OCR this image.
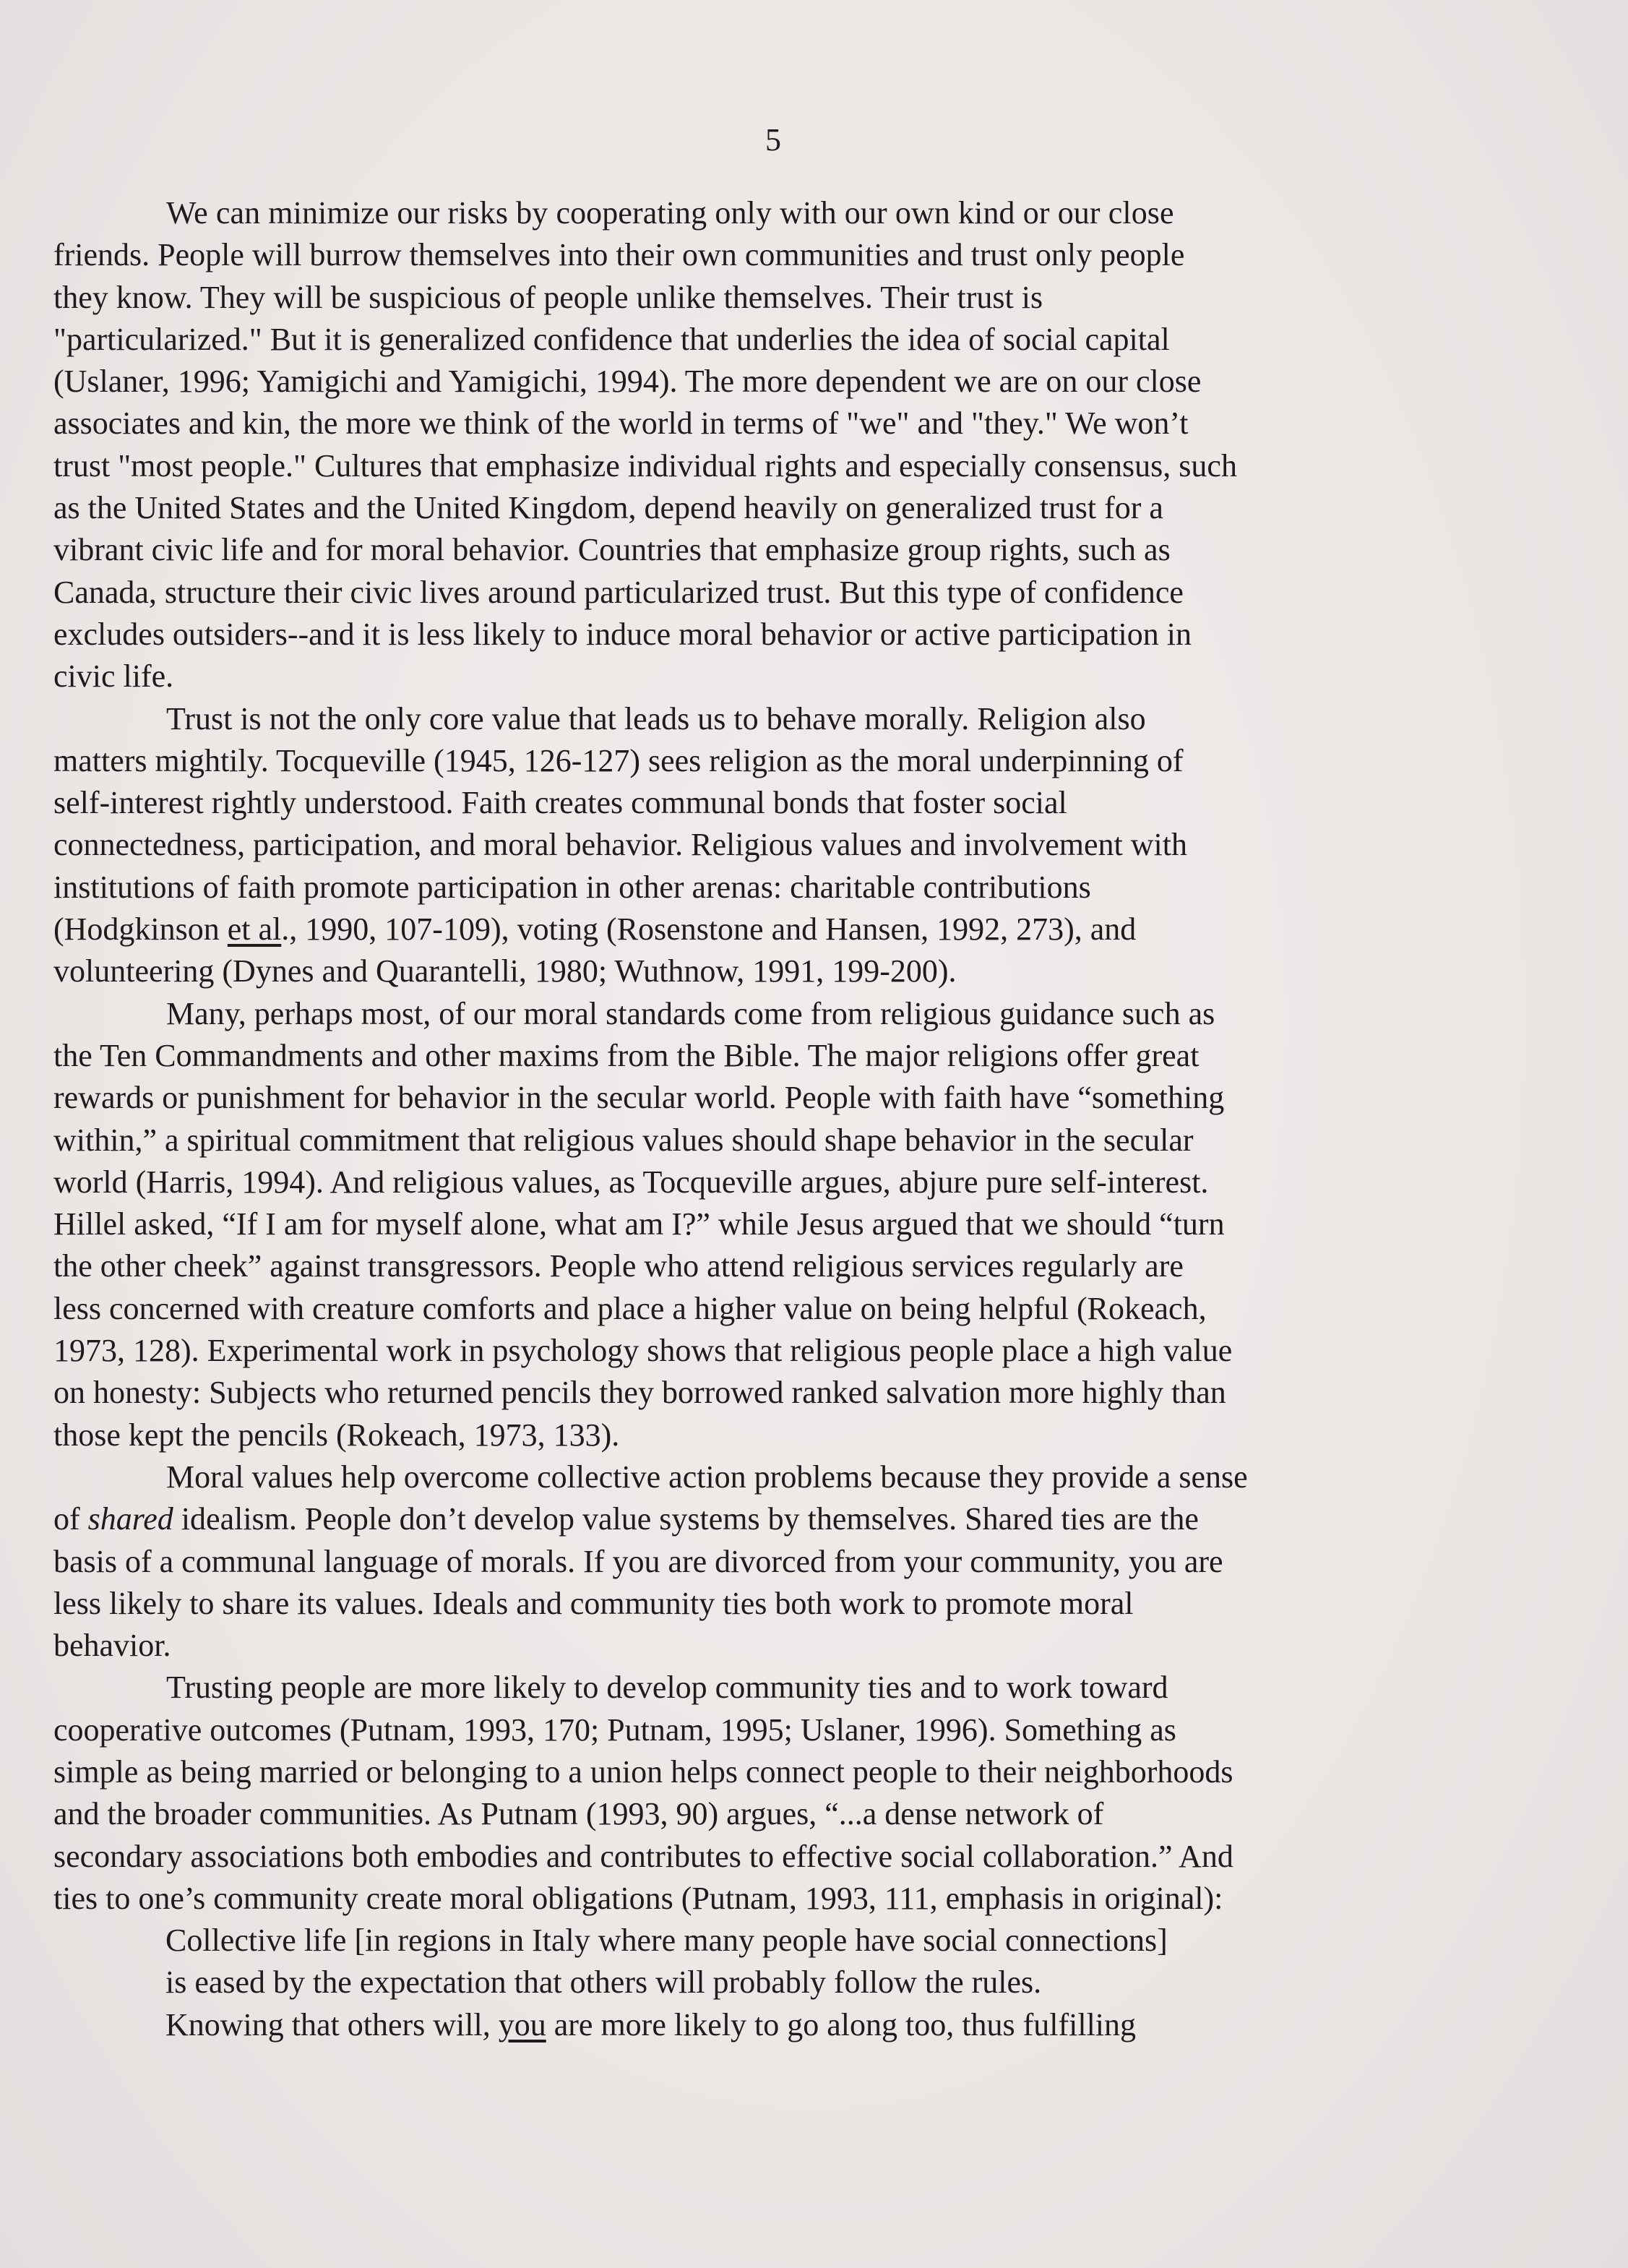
5

We can minimize our risks by cooperating only with our own kind or our close
friends. People will burrow themselves into their own communities and trust only people
they know. They will be suspicious of people unlike themselves. Their trust is
"particularized." But it is generalized confidence that underlies the idea of social capital
(Uslaner, 1996; Yamigichi and Yamigichi, 1994). The more dependent we are on our close
associates and kin, the more we think of the world in terms of "we" and "they." We won’t
trust "most people." Cultures that emphasize individual rights and especially consensus, such
as the United States and the United Kingdom, depend heavily on generalized trust for a
vibrant civic life and for moral behavior. Countries that emphasize group rights, such as
Canada, structure their civic lives around particularized trust. But this type of confidence
excludes outsiders--and it is less likely to induce moral behavior or active participation in
civic life.

Trust is not the only core value that leads us to behave morally. Religion also
matters mightily. Tocqueville (1945, 126-127) sees religion as the moral underpinning of
self-interest rightly understood. Faith creates communal bonds that foster social
connectedness, participation, and moral behavior. Religious values and involvement with
institutions of faith promote participation in other arenas: charitable contributions
(Hodgkinson et al., 1990, 107-109), voting (Rosenstone and Hansen, 1992, 273), and
volunteering (Dynes and Quarantelli, 1980; Wuthnow, 1991, 199-200).

Many, perhaps most, of our moral standards come from religious guidance such as
the Ten Commandments and other maxims from the Bible. The major religions offer great
rewards or punishment for behavior in the secular world. People with faith have “something
within,” a spiritual commitment that religious values should shape behavior in the secular
world (Harris, 1994). And religious values, as Tocqueville argues, abjure pure self-interest.
Hillel asked, “If I am for myself alone, what am I?” while Jesus argued that we should “turn
the other cheek” against transgressors. People who attend religious services regularly are
less concerned with creature comforts and place a higher value on being helpful (Rokeach,
1973, 128). Experimental work in psychology shows that religious people place a high value
on honesty: Subjects who returned pencils they borrowed ranked salvation more highly than
those kept the pencils (Rokeach, 1973, 133).

Moral values help overcome collective action problems because they provide a sense
of shared idealism. People don’t develop value systems by themselves. Shared ties are the
basis of a communal language of morals. If you are divorced from your community, you are
less likely to share its values. Ideals and community ties both work to promote moral
behavior.

Trusting people are more likely to develop community ties and to work toward
cooperative outcomes (Putnam, 1993, 170; Putnam, 1995; Uslaner, 1996). Something as
simple as being married or belonging to a union helps connect people to their neighborhoods
and the broader communities. As Putnam (1993, 90) argues, “...a dense network of
secondary associations both embodies and contributes to effective social collaboration.” And
ties to one’s community create moral obligations (Putnam, 1993, 111, emphasis in original):

Collective life [in regions in Italy where many people have social connections]
is eased by the expectation that others will probably follow the rules.
Knowing that others will, you are more likely to go along too, thus fulfilling
